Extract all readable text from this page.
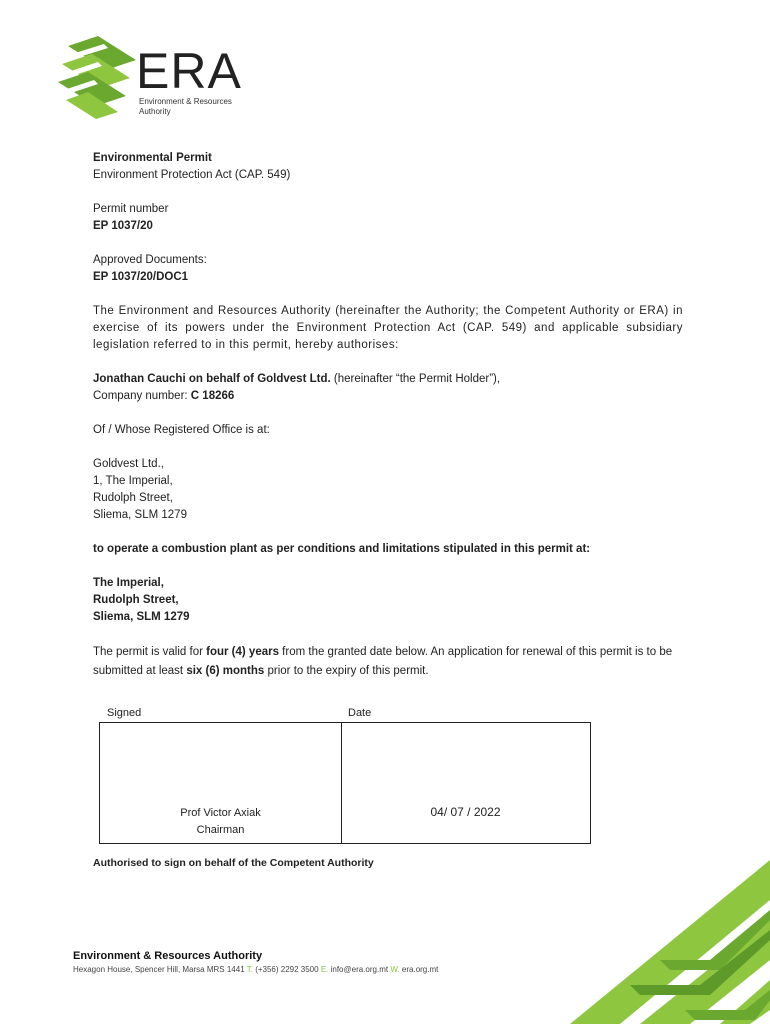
ERA
Environment & Resources
Authority

Environmental Permit

Environment Protection Act (CAP. 549)

Permit number

EP 1037/20

Approved Documents:

EP 1037/20/DOC1

The Environment and Resources Authority (hereinafter the Authority; the Competent Authority or ERA) in exercise of its powers under the Environment Protection Act (CAP. 549) and applicable subsidiary legislation referred to in this permit, hereby authorises:

Jonathan Cauchi on behalf of Goldvest Ltd. (hereinafter “the Permit Holder”),

Company number: C 18266

Of / Whose Registered Office is at:

Goldvest Ltd.,

1, The Imperial,

Rudolph Street,

Sliema, SLM 1279

to operate a combustion plant as per conditions and limitations stipulated in this permit at:

The Imperial,

Rudolph Street,

Sliema, SLM 1279

The permit is valid for four (4) years from the granted date below. An application for renewal of this permit is to be submitted at least six (6) months prior to the expiry of this permit.

Signed	Date
Prof Victor Axiak
Chairman
04/ 07 / 2022
Authorised to sign on behalf of the Competent Authority
Environment & Resources Authority
Hexagon House, Spencer Hill, Marsa MRS 1441 T. (+356) 2292 3500 E. info@era.org.mt W. era.org.mt
